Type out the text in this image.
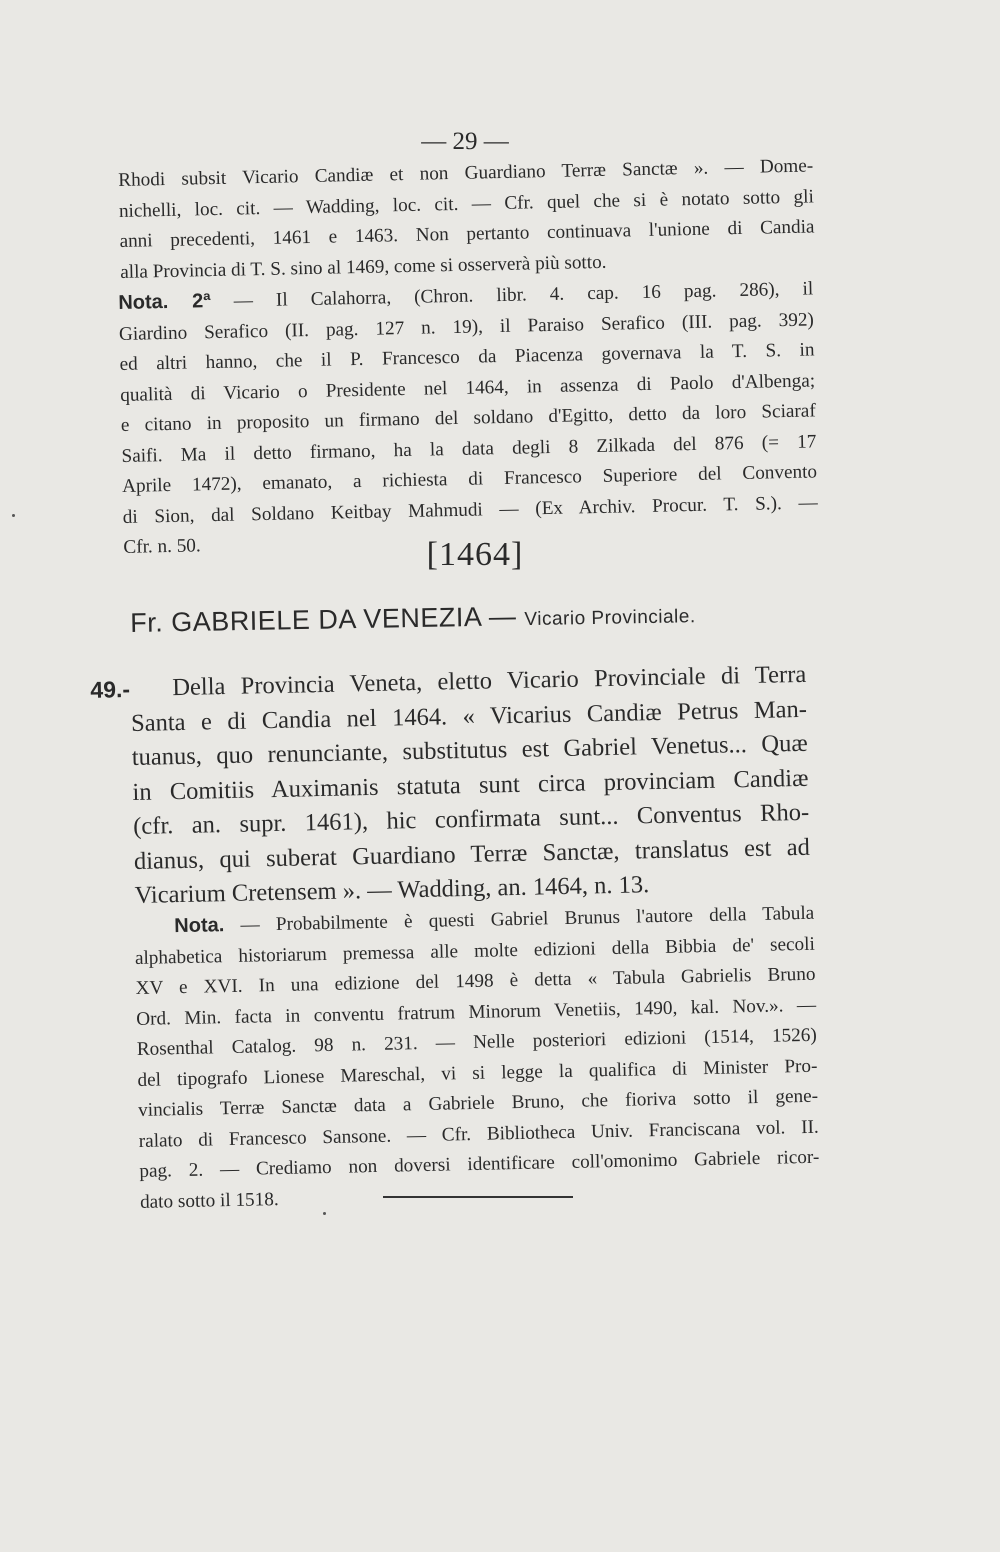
— 29 —
Rhodi subsit Vicario Candiæ et non Guardiano Terræ Sanctæ ». — Dome-
nichelli, loc. cit. — Wadding, loc. cit. — Cfr. quel che si è notato sotto gli
anni precedenti, 1461 e 1463. Non pertanto continuava l'unione di Candia
alla Provincia di T. S. sino al 1469, come si osserverà più sotto.
Nota. 2ª — Il Calahorra, (Chron. libr. 4. cap. 16 pag. 286), il
Giardino Serafico (II. pag. 127 n. 19), il Paraiso Serafico (III. pag. 392)
ed altri hanno, che il P. Francesco da Piacenza governava la T. S. in
qualità di Vicario o Presidente nel 1464, in assenza di Paolo d'Albenga;
e citano in proposito un firmano del soldano d'Egitto, detto da loro Sciaraf
Saifi. Ma il detto firmano, ha la data degli 8 Zilkada del 876 (= 17
Aprile 1472), emanato, a richiesta di Francesco Superiore del Convento
di Sion, dal Soldano Keitbay Mahmudi — (Ex Archiv. Procur. T. S.). —
Cfr. n. 50.	[1464]
Fr. GABRIELE DA VENEZIA — Vicario Provinciale.
49.-	Della Provincia Veneta, eletto Vicario Provinciale di Terra
Santa e di Candia nel 1464. « Vicarius Candiæ Petrus Man-
tuanus, quo renunciante, substitutus est Gabriel Venetus... Quæ
in Comitiis Auximanis statuta sunt circa provinciam Candiæ
(cfr. an. supr. 1461), hic confirmata sunt... Conventus Rho-
dianus, qui suberat Guardiano Terræ Sanctæ, translatus est ad
Vicarium Cretensem ». — Wadding, an. 1464, n. 13.
Nota. — Probabilmente è questi Gabriel Brunus l'autore della Tabula
alphabetica historiarum premessa alle molte edizioni della Bibbia de' secoli
XV e XVI. In una edizione del 1498 è detta « Tabula Gabrielis Bruno
Ord. Min. facta in conventu fratrum Minorum Venetiis, 1490, kal. Nov.». —
Rosenthal Catalog. 98 n. 231. — Nelle posteriori edizioni (1514, 1526)
del tipografo Lionese Mareschal, vi si legge la qualifica di Minister Pro-
vincialis Terræ Sanctæ data a Gabriele Bruno, che fioriva sotto il gene-
ralato di Francesco Sansone. — Cfr. Bibliotheca Univ. Franciscana vol. II.
pag. 2. — Crediamo non doversi identificare coll'omonimo Gabriele ricor-
dato sotto il 1518.
